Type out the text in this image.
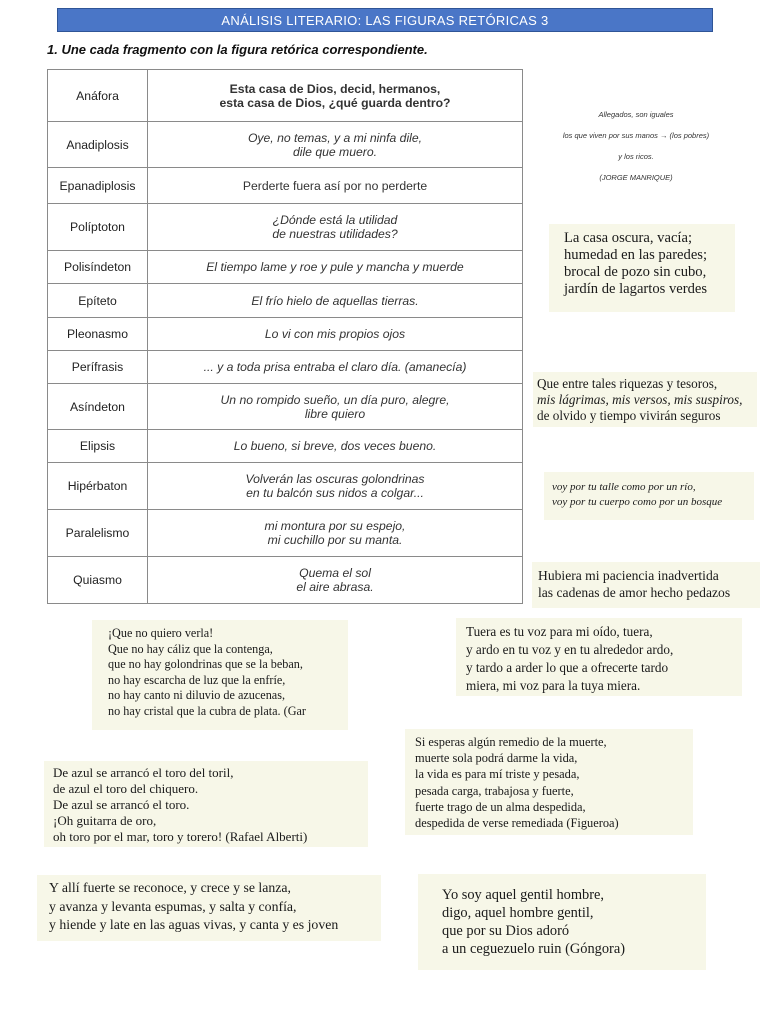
ANÁLISIS LITERARIO: LAS FIGURAS RETÓRICAS 3
1. Une cada fragmento con la figura retórica correspondiente.
Anáfora	Esta casa de Dios, decid, hermanos,
esta casa de Dios, ¿qué guarda dentro?
Anadiplosis	Oye, no temas, y a mi ninfa dile,
dile que muero.
Epanadiplosis	Perderte fuera así por no perderte
Políptoton	¿Dónde está la utilidad
de nuestras utilidades?
Polisíndeton	El tiempo lame y roe y pule y mancha y muerde
Epíteto	El frío hielo de aquellas tierras.
Pleonasmo	Lo vi con mis propios ojos
Perífrasis	... y a toda prisa entraba el claro día. (amanecía)
Asíndeton	Un no rompido sueño, un día puro, alegre,
libre quiero
Elipsis	Lo bueno, si breve, dos veces bueno.
Hipérbaton	Volverán las oscuras golondrinas
en tu balcón sus nidos a colgar...
Paralelismo	mi montura por su espejo,
mi cuchillo por su manta.
Quiasmo	Quema el sol
el aire abrasa.
Allegados, son iguales
los que viven por sus manos → (los pobres)
y los ricos.
(JORGE MANRIQUE)
La casa oscura, vacía;
humedad en las paredes;
brocal de pozo sin cubo,
jardín de lagartos verdes
Que entre tales riquezas y tesoros,
mis lágrimas, mis versos, mis suspiros,
de olvido y tiempo vivirán seguros
voy por tu talle como por un río,
voy por tu cuerpo como por un bosque
Hubiera mi paciencia inadvertida
las cadenas de amor hecho pedazos
¡Que no quiero verla!
Que no hay cáliz que la contenga,
que no hay golondrinas que se la beban,
no hay escarcha de luz que la enfríe,
no hay canto ni diluvio de azucenas,
no hay cristal que la cubra de plata. (Gar
Tuera es tu voz para mi oído, tuera,
y ardo en tu voz y en tu alrededor ardo,
y tardo a arder lo que a ofrecerte tardo
miera, mi voz para la tuya miera.
Si esperas algún remedio de la muerte,
muerte sola podrá darme la vida,
la vida es para mí triste y pesada,
pesada carga, trabajosa y fuerte,
fuerte trago de un alma despedida,
despedida de verse remediada (Figueroa)
De azul se arrancó el toro del toril,
de azul el toro del chiquero.
De azul se arrancó el toro.
¡Oh guitarra de oro,
oh toro por el mar, toro y torero! (Rafael Alberti)
Y allí fuerte se reconoce, y crece y se lanza,
y avanza y levanta espumas, y salta y confía,
y hiende y late en las aguas vivas, y canta y es joven
Yo soy aquel gentil hombre,
digo, aquel hombre gentil,
que por su Dios adoró
a un ceguezuelo ruin (Góngora)
